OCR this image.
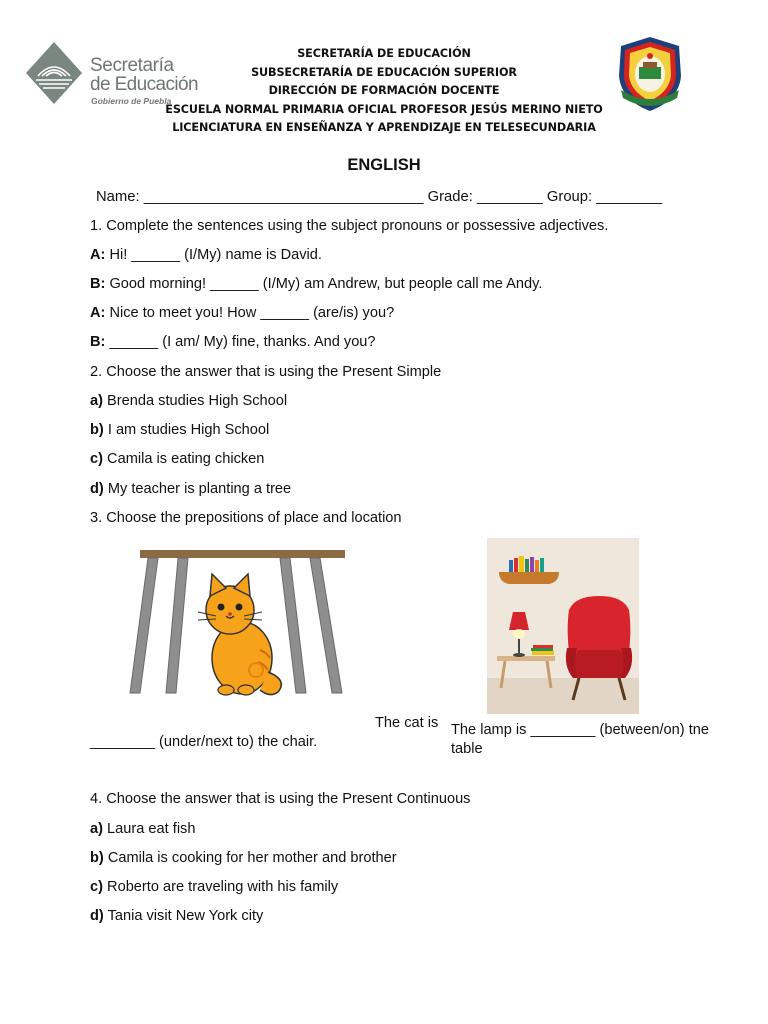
Secretaría
de Educación
Gobierno de Puebla
SECRETARÍA DE EDUCACIÓN
SUBSECRETARÍA DE EDUCACIÓN SUPERIOR
DIRECCIÓN DE FORMACIÓN DOCENTE
ESCUELA NORMAL PRIMARIA OFICIAL PROFESOR JESÚS MERINO NIETO
LICENCIATURA EN ENSEÑANZA Y APRENDIZAJE EN TELESECUNDARIA
ENGLISH
Name: __________________________________ Grade: ________ Group: ________
1. Complete the sentences using the subject pronouns or possessive adjectives.
A: Hi! ______ (I/My) name is David.
B: Good morning! ______ (I/My) am Andrew, but people call me Andy.
A: Nice to meet you! How ______ (are/is) you?
B: ______ (I am/ My) fine, thanks. And you?
2. Choose the answer that is using the Present Simple
a) Brenda studies High School
b) I am studies High School
c) Camila is eating chicken
d) My teacher is planting a tree
3. Choose the prepositions of place and location
The cat is
________ (under/next to) the chair.
The lamp is ________ (between/on) tne
table
4. Choose the answer that is using the Present Continuous
a) Laura eat fish
b) Camila is cooking for her mother and brother
c) Roberto are traveling with his family
d) Tania visit New York city
